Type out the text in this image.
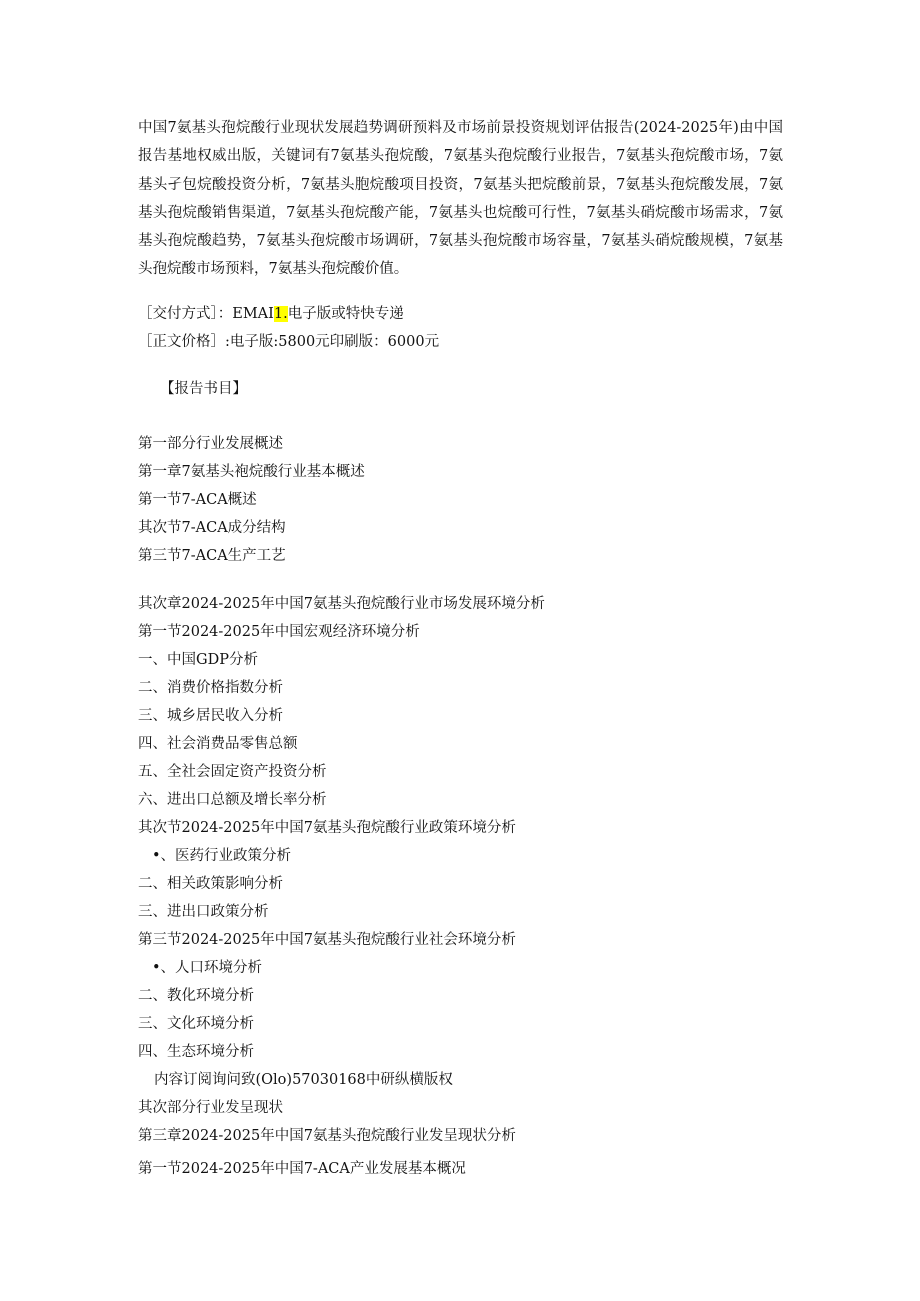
中国7氨基头孢烷酸行业现状发展趋势调研预料及市场前景投资规划评估报告(2024-2025年)由中国报告基地权威出版，关键词有7氨基头孢烷酸，7氨基头孢烷酸行业报告，7氨基头孢烷酸市场，7氨基头孑包烷酸投资分析，7氨基头胞烷酸项目投资，7氨基头把烷酸前景，7氨基头孢烷酸发展，7氨基头孢烷酸销售渠道，7氨基头孢烷酸产能，7氨基头也烷酸可行性，7氨基头硝烷酸市场需求，7氨基头孢烷酸趋势，7氨基头孢烷酸市场调研，7氨基头孢烷酸市场容量，7氨基头硝烷酸规模，7氨基头孢烷酸市场预料，7氨基头孢烷酸价值。
［交付方式］：EMAI1.电子版或特快专递
［正文价格］:电子版:5800元印刷版：6000元
【报告书目】
第一部分行业发展概述
第一章7氨基头袍烷酸行业基本概述
第一节7-ACA概述
其次节7-ACA成分结构
第三节7-ACA生产工艺
其次章2024-2025年中国7氨基头孢烷酸行业市场发展环境分析
第一节2024-2025年中国宏观经济环境分析
一、中国GDP分析
二、消费价格指数分析
三、城乡居民收入分析
四、社会消费品零售总额
五、全社会固定资产投资分析
六、进出口总额及增长率分析
其次节2024-2025年中国7氨基头孢烷酸行业政策环境分析
•、医药行业政策分析
二、相关政策影响分析
三、进出口政策分析
第三节2024-2025年中国7氨基头孢烷酸行业社会环境分析
•、人口环境分析
二、教化环境分析
三、文化环境分析
四、生态环境分析
内容订阅询问致(Olo)57030168中研纵横版权
其次部分行业发呈现状
第三章2024-2025年中国7氨基头孢烷酸行业发呈现状分析
第一节2024-2025年中国7-ACA产业发展基本概况
